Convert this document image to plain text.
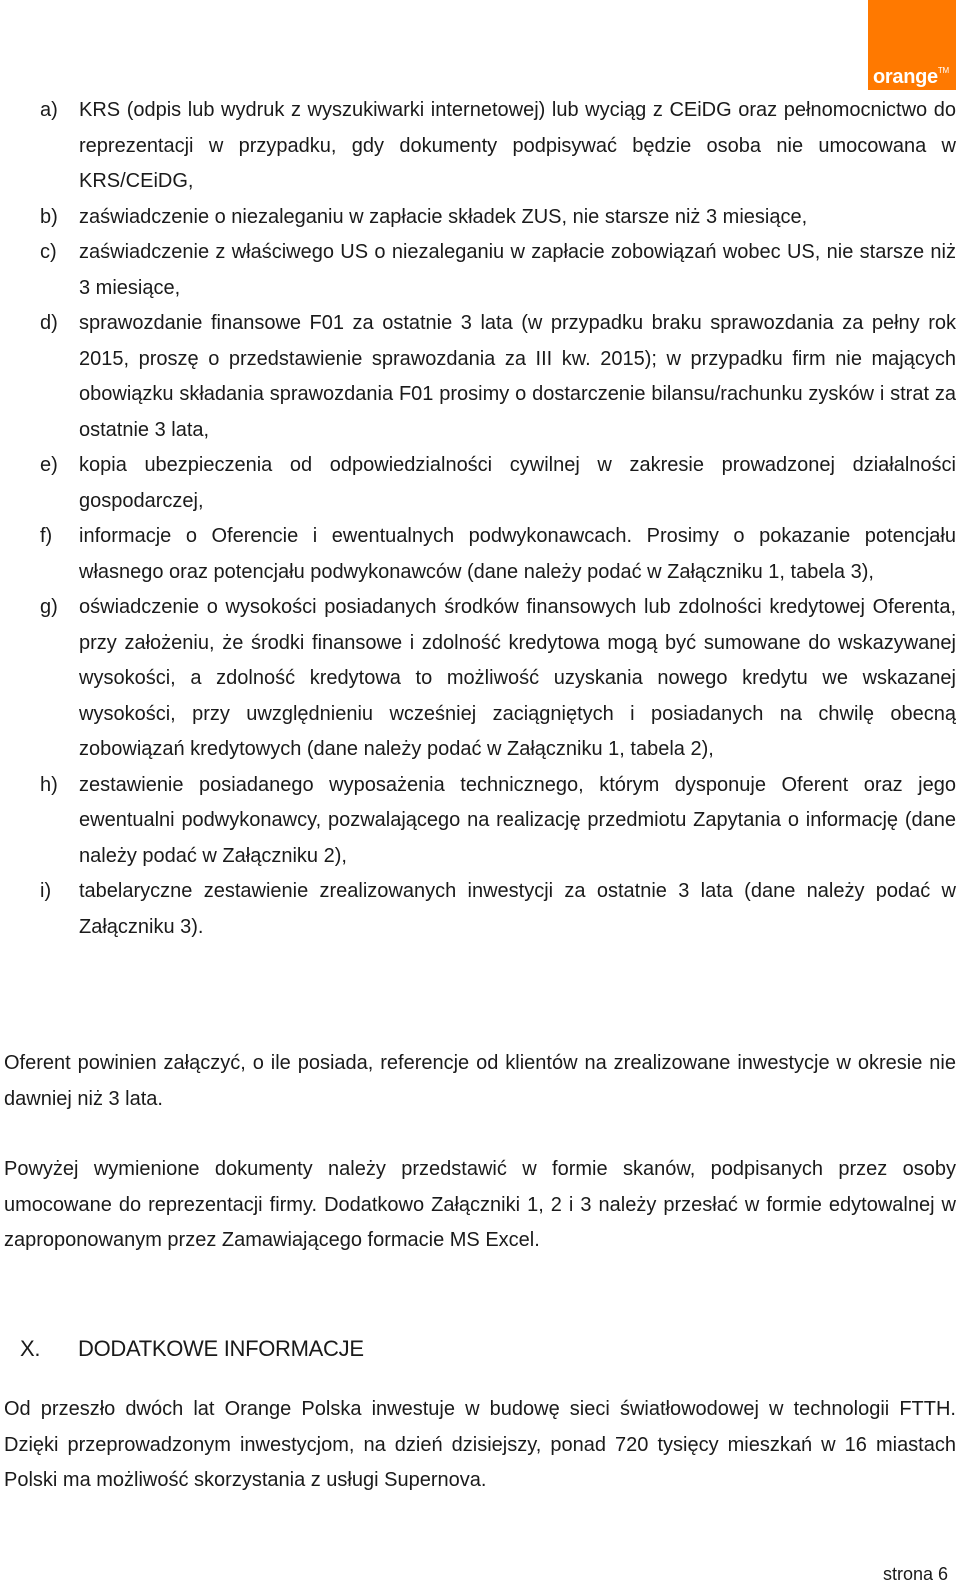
orange™
a) KRS (odpis lub wydruk z wyszukiwarki internetowej) lub wyciąg z CEiDG oraz pełnomocnictwo do reprezentacji w przypadku, gdy dokumenty podpisywać będzie osoba nie umocowana w KRS/CEiDG,
b) zaświadczenie o niezaleganiu w zapłacie składek ZUS, nie starsze niż 3 miesiące,
c) zaświadczenie z właściwego US o niezaleganiu w zapłacie zobowiązań wobec US, nie starsze niż 3 miesiące,
d) sprawozdanie finansowe F01 za ostatnie 3 lata (w przypadku braku sprawozdania za pełny rok 2015, proszę o przedstawienie sprawozdania za III kw. 2015); w przypadku firm nie mających obowiązku składania sprawozdania F01 prosimy o dostarczenie bilansu/rachunku zysków i strat za ostatnie 3 lata,
e) kopia ubezpieczenia od odpowiedzialności cywilnej w zakresie prowadzonej działalności gospodarczej,
f) informacje o Oferencie i ewentualnych podwykonawcach. Prosimy o pokazanie potencjału własnego oraz potencjału podwykonawców (dane należy podać w Załączniku 1, tabela 3),
g) oświadczenie o wysokości posiadanych środków finansowych lub zdolności kredytowej Oferenta, przy założeniu, że środki finansowe i zdolność kredytowa mogą być sumowane do wskazywanej wysokości, a zdolność kredytowa to możliwość uzyskania nowego kredytu we wskazanej wysokości, przy uwzględnieniu wcześniej zaciągniętych i posiadanych na chwilę obecną zobowiązań kredytowych (dane należy podać w Załączniku 1, tabela 2),
h) zestawienie posiadanego wyposażenia technicznego, którym dysponuje Oferent oraz jego ewentualni podwykonawcy, pozwalającego na realizację przedmiotu Zapytania o informację (dane należy podać w Załączniku 2),
i) tabelaryczne zestawienie zrealizowanych inwestycji za ostatnie 3 lata (dane należy podać w Załączniku 3).

Oferent powinien załączyć, o ile posiada, referencje od klientów na zrealizowane inwestycje w okresie nie dawniej niż 3 lata.

Powyżej wymienione dokumenty należy przedstawić w formie skanów, podpisanych przez osoby umocowane do reprezentacji firmy. Dodatkowo Załączniki 1, 2 i 3 należy przesłać w formie edytowalnej w zaproponowanym przez Zamawiającego formacie MS Excel.

X. DODATKOWE INFORMACJE

Od przeszło dwóch lat Orange Polska inwestuje w budowę sieci światłowodowej w technologii FTTH. Dzięki przeprowadzonym inwestycjom, na dzień dzisiejszy, ponad 720 tysięcy mieszkań w 16 miastach Polski ma możliwość skorzystania z usługi Supernova.

strona 6
